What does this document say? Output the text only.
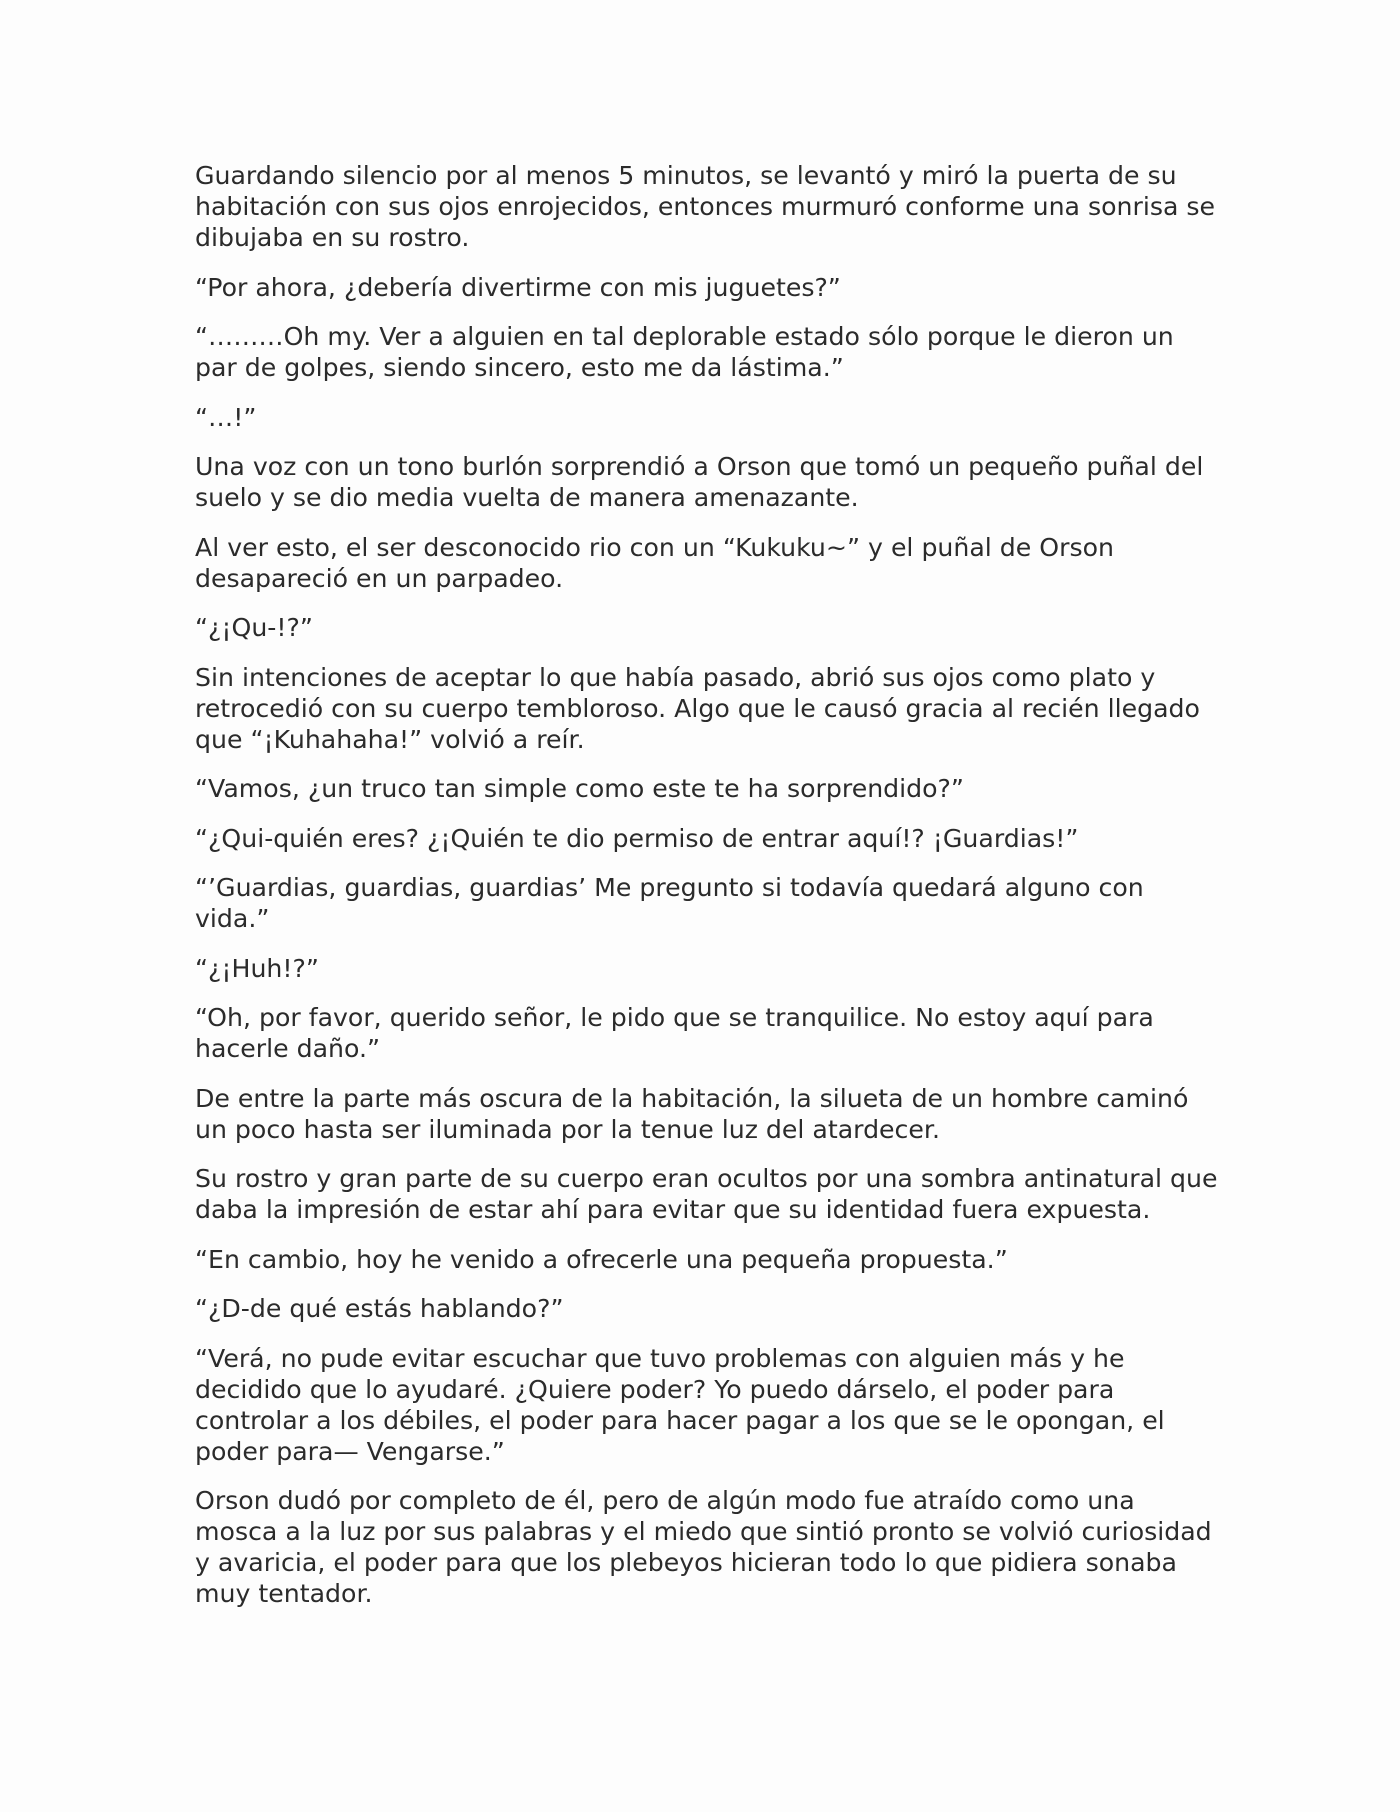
Guardando silencio por al menos 5 minutos, se levantó y miró la puerta de su habitación con sus ojos enrojecidos, entonces murmuró conforme una sonrisa se dibujaba en su rostro.

“Por ahora, ¿debería divertirme con mis juguetes?”

“………Oh my. Ver a alguien en tal deplorable estado sólo porque le dieron un par de golpes, siendo sincero, esto me da lástima.”

“…!”

Una voz con un tono burlón sorprendió a Orson que tomó un pequeño puñal del suelo y se dio media vuelta de manera amenazante.

Al ver esto, el ser desconocido rio con un “Kukuku~” y el puñal de Orson desapareció en un parpadeo.

“¿¡Qu-!?”

Sin intenciones de aceptar lo que había pasado, abrió sus ojos como plato y retrocedió con su cuerpo tembloroso. Algo que le causó gracia al recién llegado que “¡Kuhahaha!” volvió a reír.

“Vamos, ¿un truco tan simple como este te ha sorprendido?”

“¿Qui-quién eres? ¿¡Quién te dio permiso de entrar aquí!? ¡Guardias!”

“’Guardias, guardias, guardias’ Me pregunto si todavía quedará alguno con vida.”

“¿¡Huh!?”

“Oh, por favor, querido señor, le pido que se tranquilice. No estoy aquí para hacerle daño.”

De entre la parte más oscura de la habitación, la silueta de un hombre caminó un poco hasta ser iluminada por la tenue luz del atardecer.

Su rostro y gran parte de su cuerpo eran ocultos por una sombra antinatural que daba la impresión de estar ahí para evitar que su identidad fuera expuesta.

“En cambio, hoy he venido a ofrecerle una pequeña propuesta.”

“¿D-de qué estás hablando?”

“Verá, no pude evitar escuchar que tuvo problemas con alguien más y he decidido que lo ayudaré. ¿Quiere poder? Yo puedo dárselo, el poder para controlar a los débiles, el poder para hacer pagar a los que se le opongan, el poder para— Vengarse.”

Orson dudó por completo de él, pero de algún modo fue atraído como una mosca a la luz por sus palabras y el miedo que sintió pronto se volvió curiosidad y avaricia, el poder para que los plebeyos hicieran todo lo que pidiera sonaba muy tentador.
